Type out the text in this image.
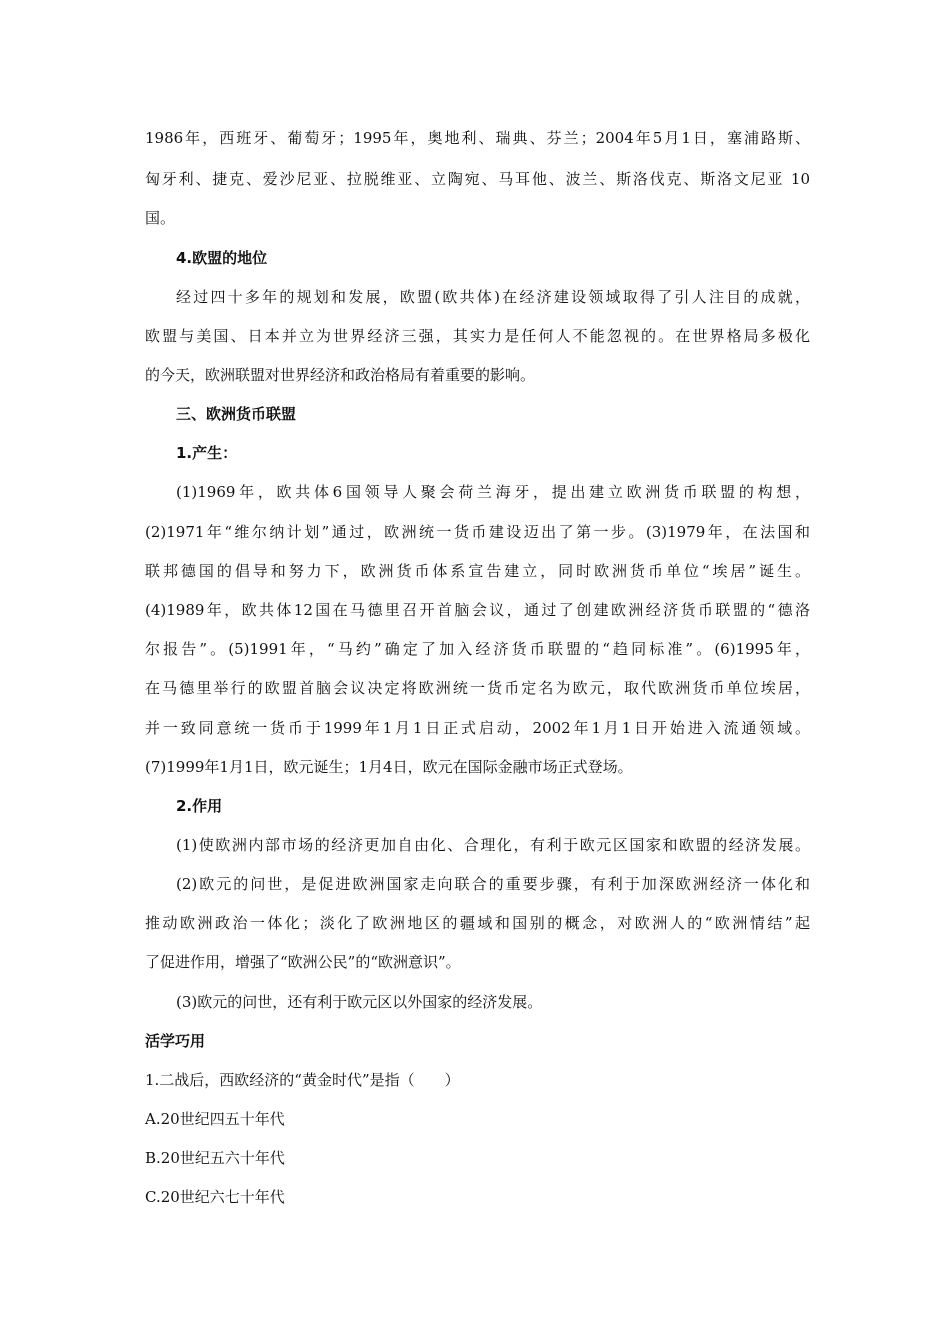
1986年，西班牙、葡萄牙；1995年，奥地利、瑞典、芬兰；2004年5月1日，塞浦路斯、
匈牙利、捷克、爱沙尼亚、拉脱维亚、立陶宛、马耳他、波兰、斯洛伐克、斯洛文尼亚 10
国。
4.欧盟的地位
经过四十多年的规划和发展，欧盟(欧共体)在经济建设领域取得了引人注目的成就，
欧盟与美国、日本并立为世界经济三强，其实力是任何人不能忽视的。在世界格局多极化
的今天，欧洲联盟对世界经济和政治格局有着重要的影响。
三、欧洲货币联盟
1.产生：
(1)1969年，欧共体6国领导人聚会荷兰海牙，提出建立欧洲货币联盟的构想，
(2)1971年“维尔纳计划”通过，欧洲统一货币建设迈出了第一步。(3)1979年，在法国和
联邦德国的倡导和努力下，欧洲货币体系宣告建立，同时欧洲货币单位“埃居”诞生。
(4)1989年，欧共体12国在马德里召开首脑会议，通过了创建欧洲经济货币联盟的“德洛
尔报告”。(5)1991年，“马约”确定了加入经济货币联盟的“趋同标准”。(6)1995年，
在马德里举行的欧盟首脑会议决定将欧洲统一货币定名为欧元，取代欧洲货币单位埃居，
并一致同意统一货币于1999年1月1日正式启动，2002年1月1日开始进入流通领域。
(7)1999年1月1日，欧元诞生；1月4日，欧元在国际金融市场正式登场。
2.作用
(1)使欧洲内部市场的经济更加自由化、合理化，有利于欧元区国家和欧盟的经济发展。
(2)欧元的问世，是促进欧洲国家走向联合的重要步骤，有利于加深欧洲经济一体化和
推动欧洲政治一体化；淡化了欧洲地区的疆域和国别的概念，对欧洲人的“欧洲情结”起
了促进作用，增强了“欧洲公民”的“欧洲意识”。
(3)欧元的问世，还有利于欧元区以外国家的经济发展。
活学巧用
1.二战后，西欧经济的“黄金时代”是指（　　）
A.20世纪四五十年代
B.20世纪五六十年代
C.20世纪六七十年代
